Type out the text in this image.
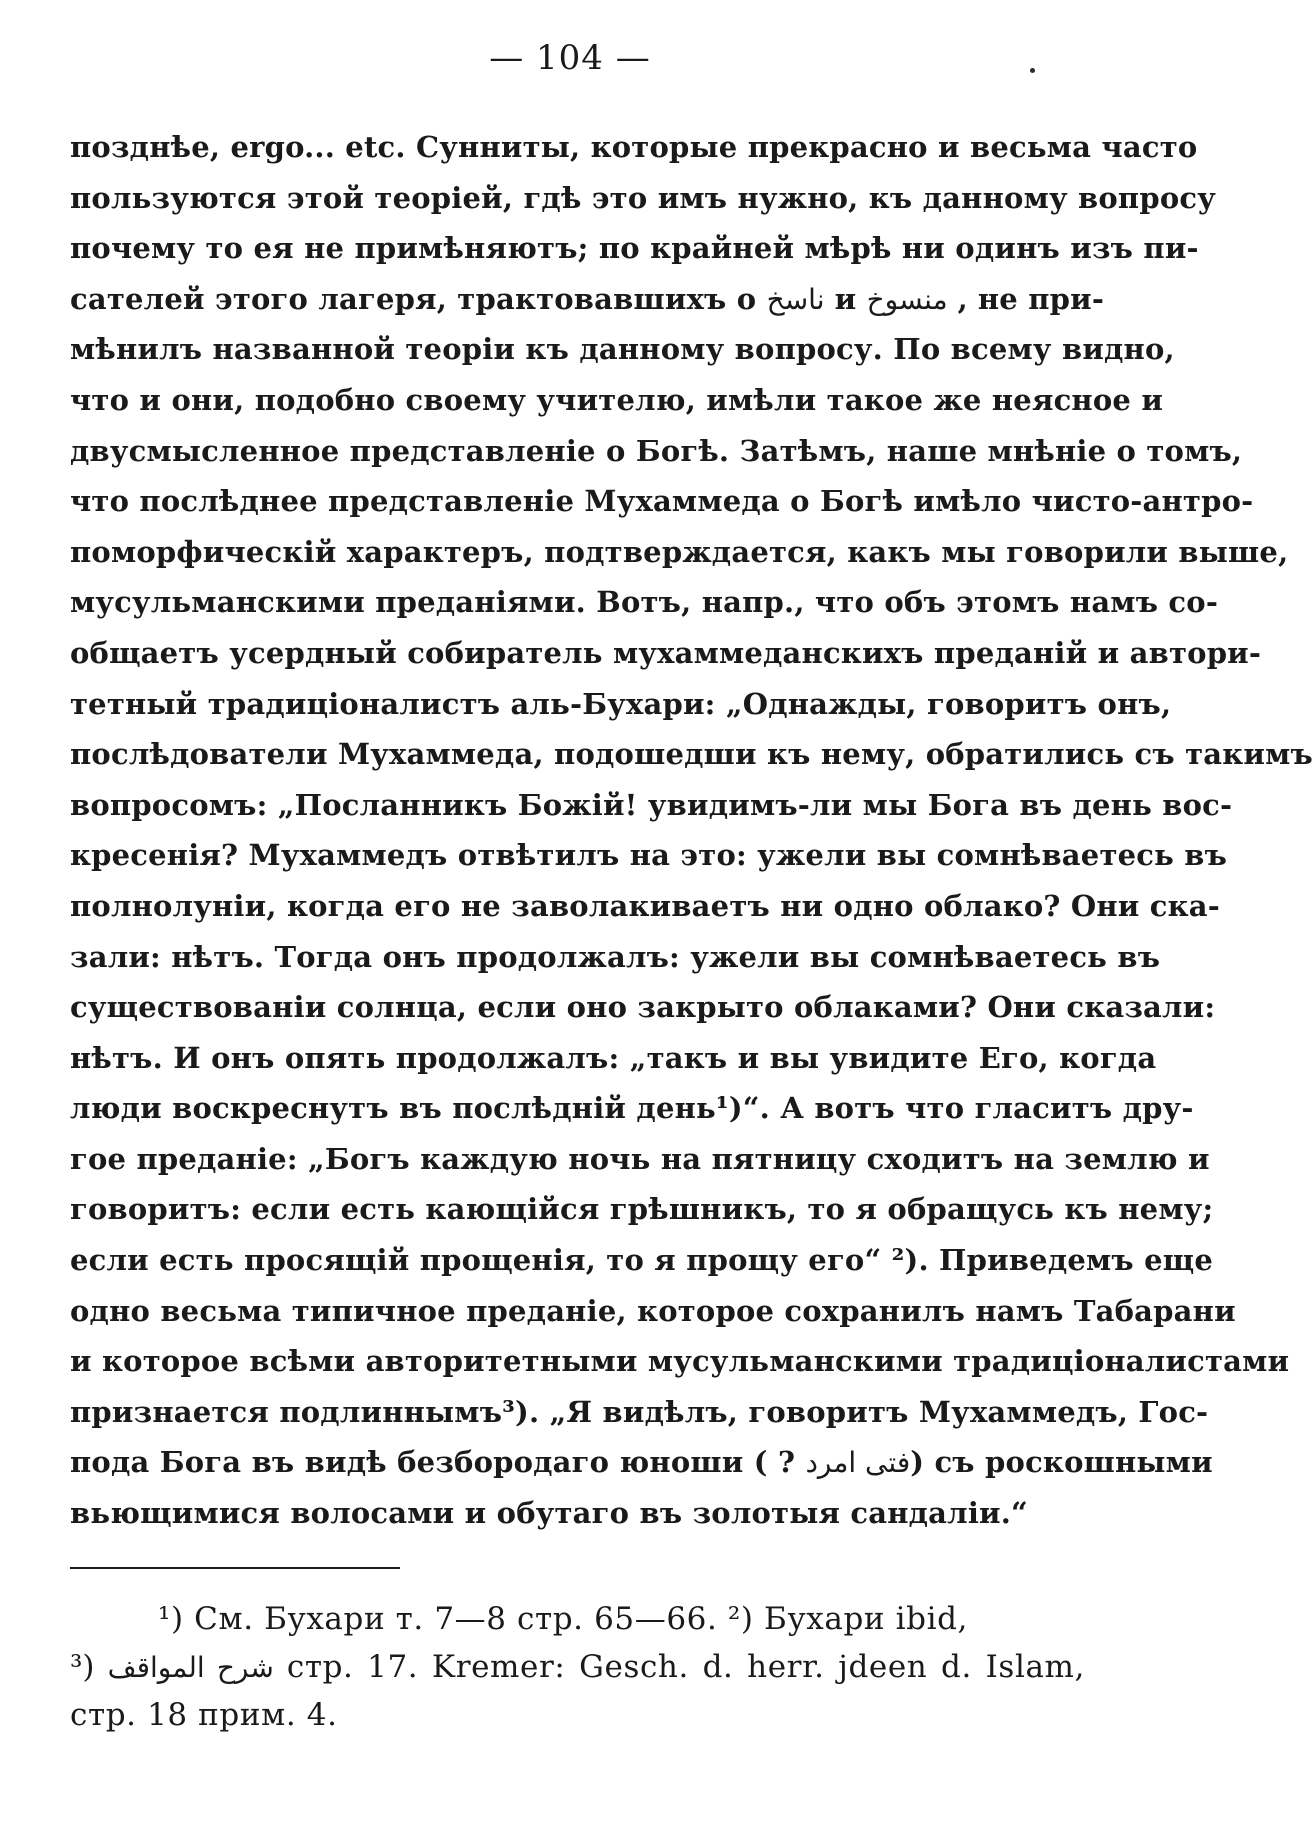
— 104 —
позднѣе, ergo... etc. Сунниты, которые прекрасно и весьма часто
пользуются этой теоріей, гдѣ это имъ нужно, къ данному вопросу
почему то ея не примѣняютъ; по крайней мѣрѣ ни одинъ изъ пи-
сателей этого лагеря, трактовавшихъ о ناسخ и منسوخ , не при-
мѣнилъ названной теоріи къ данному вопросу. По всему видно,
что и они, подобно своему учителю, имѣли такое же неясное и
двусмысленное представленіе о Богѣ. Затѣмъ, наше мнѣніе о томъ,
что послѣднее представленіе Мухаммеда о Богѣ имѣло чисто-антро-
поморфическій характеръ, подтверждается, какъ мы говорили выше,
мусульманскими преданіями. Вотъ, напр., что объ этомъ намъ со-
общаетъ усердный собиратель мухаммеданскихъ преданій и автори-
тетный традиціоналистъ аль-Бухари: „Однажды, говоритъ онъ,
послѣдователи Мухаммеда, подошедши къ нему, обратились съ такимъ
вопросомъ: „Посланникъ Божій! увидимъ-ли мы Бога въ день вос-
кресенія? Мухаммедъ отвѣтилъ на это: ужели вы сомнѣваетесь въ
полнолуніи, когда его не заволакиваетъ ни одно облако? Они ска-
зали: нѣтъ. Тогда онъ продолжалъ: ужели вы сомнѣваетесь въ
существованіи солнца, если оно закрыто облаками? Они сказали:
нѣтъ. И онъ опять продолжалъ: „такъ и вы увидите Его, когда
люди воскреснутъ въ послѣдній день¹)“. А вотъ что гласитъ дру-
гое преданіе: „Богъ каждую ночь на пятницу сходитъ на землю и
говоритъ: если есть кающійся грѣшникъ, то я обращусь къ нему;
если есть просящій прощенія, то я прощу его“ ²). Приведемъ еще
одно весьма типичное преданіе, которое сохранилъ намъ Табарани
и которое всѣми авторитетными мусульманскими традиціоналистами
признается подлиннымъ³). „Я видѣлъ, говоритъ Мухаммедъ, Гос-
пода Бога въ видѣ безбородаго юноши ( ? فتى امرد) съ роскошными
вьющимися волосами и обутаго въ золотыя сандаліи.“
¹) См. Бухари т. 7—8 стр. 65—66. ²) Бухари ibid,
³) شرح المواقف стр. 17. Kremer: Gesch. d. herr. jdeen d. Islam,
стр. 18 прим. 4.
